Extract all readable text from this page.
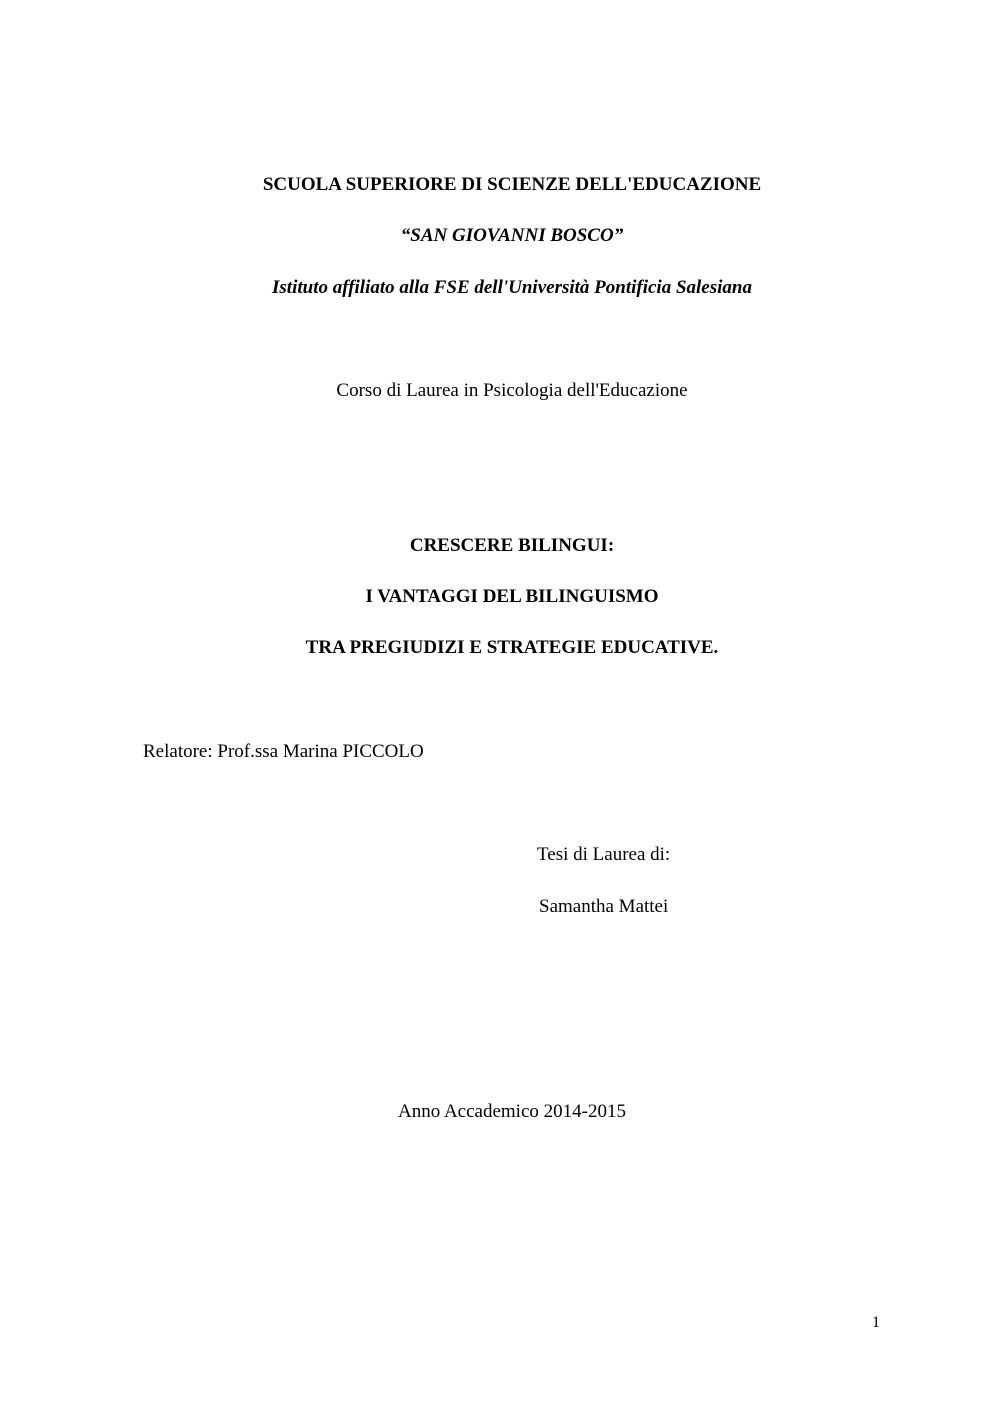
SCUOLA SUPERIORE DI SCIENZE DELL'EDUCAZIONE
“SAN GIOVANNI BOSCO”
Istituto affiliato alla FSE dell'Università Pontificia Salesiana
Corso di Laurea in Psicologia dell'Educazione
CRESCERE BILINGUI:
I VANTAGGI DEL BILINGUISMO
TRA PREGIUDIZI E STRATEGIE EDUCATIVE.
Relatore: Prof.ssa Marina PICCOLO
Tesi di Laurea di:
Samantha Mattei
Anno Accademico 2014-2015
1
